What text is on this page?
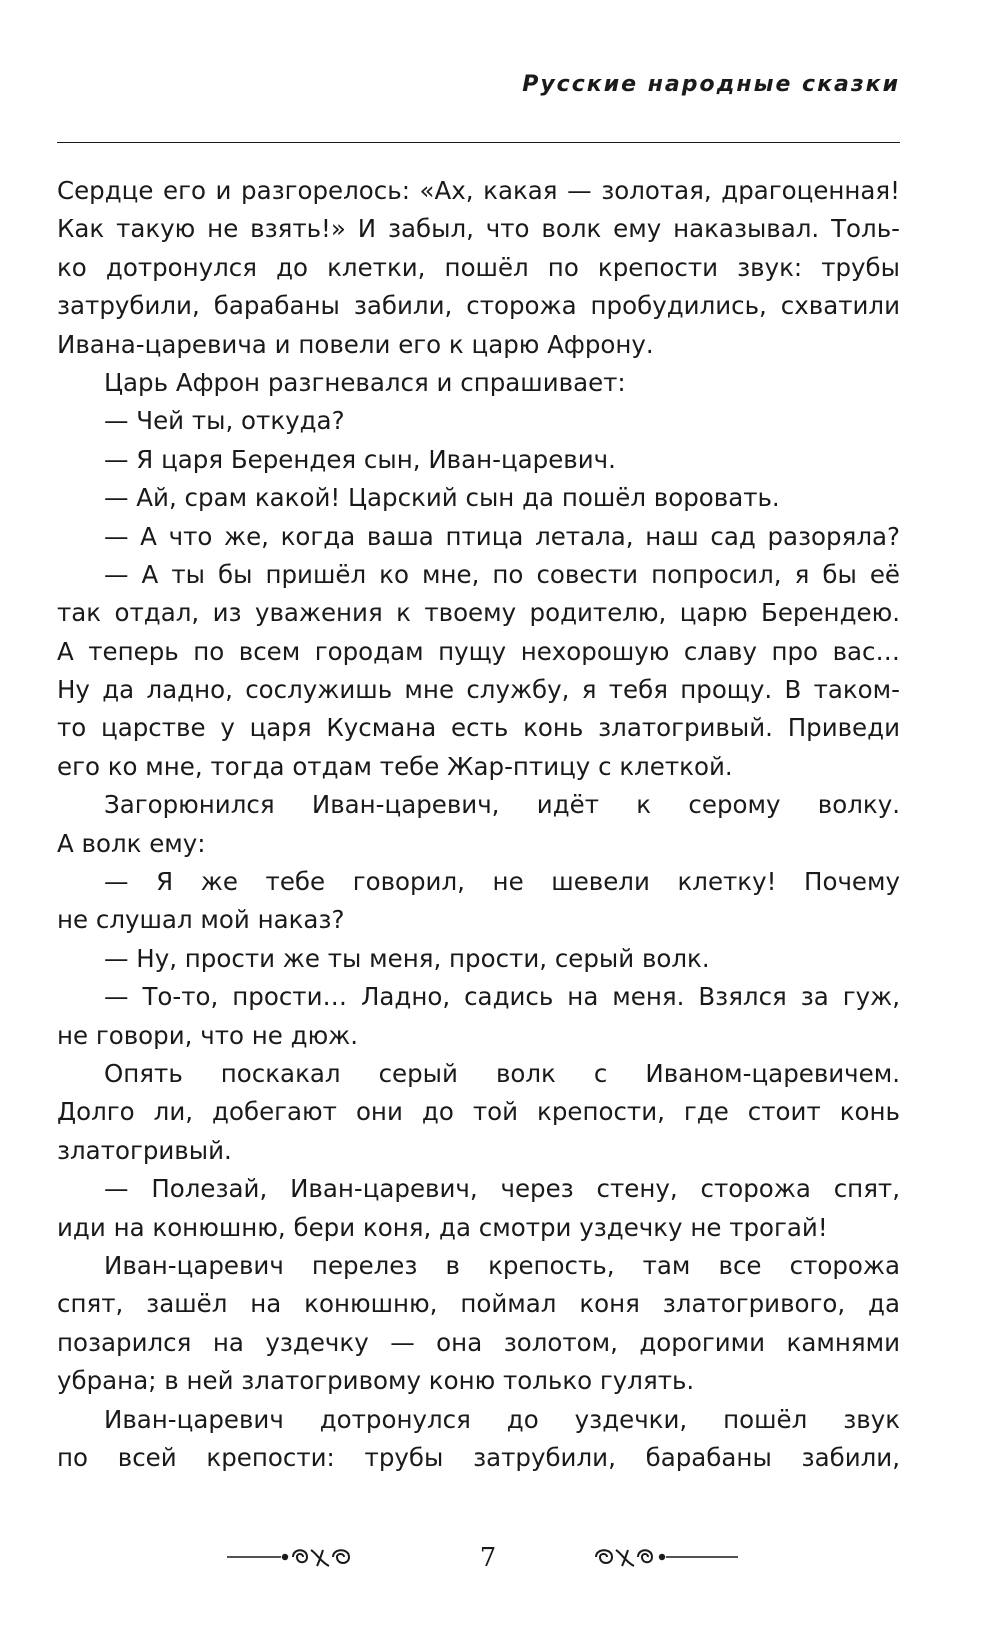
Русские народные сказки
Сердце его и разгорелось: «Ах, какая — золотая, драгоценная!
Как такую не взять!» И забыл, что волк ему наказывал. Толь-
ко дотронулся до клетки, пошёл по крепости звук: трубы
затрубили, барабаны забили, сторожа пробудились, схватили
Ивана-царевича и повели его к царю Афрону.
Царь Афрон разгневался и спрашивает:
— Чей ты, откуда?
— Я царя Берендея сын, Иван-царевич.
— Ай, срам какой! Царский сын да пошёл воровать.
— А что же, когда ваша птица летала, наш сад разоряла?
— А ты бы пришёл ко мне, по совести попросил, я бы её
так отдал, из уважения к твоему родителю, царю Берендею.
А теперь по всем городам пущу нехорошую славу про вас…
Ну да ладно, сослужишь мне службу, я тебя прощу. В таком-
то царстве у царя Кусмана есть конь златогривый. Приведи
его ко мне, тогда отдам тебе Жар-птицу с клеткой.
Загорюнился Иван-царевич, идёт к серому волку.
А волк ему:
— Я же тебе говорил, не шевели клетку! Почему
не слушал мой наказ?
— Ну, прости же ты меня, прости, серый волк.
— То-то, прости… Ладно, садись на меня. Взялся за гуж,
не говори, что не дюж.
Опять поскакал серый волк с Иваном-царевичем.
Долго ли, добегают они до той крепости, где стоит конь
златогривый.
— Полезай, Иван-царевич, через стену, сторожа спят,
иди на конюшню, бери коня, да смотри уздечку не трогай!
Иван-царевич перелез в крепость, там все сторожа
спят, зашёл на конюшню, поймал коня златогривого, да
позарился на уздечку — она золотом, дорогими камнями
убрана; в ней златогривому коню только гулять.
Иван-царевич дотронулся до уздечки, пошёл звук
по всей крепости: трубы затрубили, барабаны забили,
7
